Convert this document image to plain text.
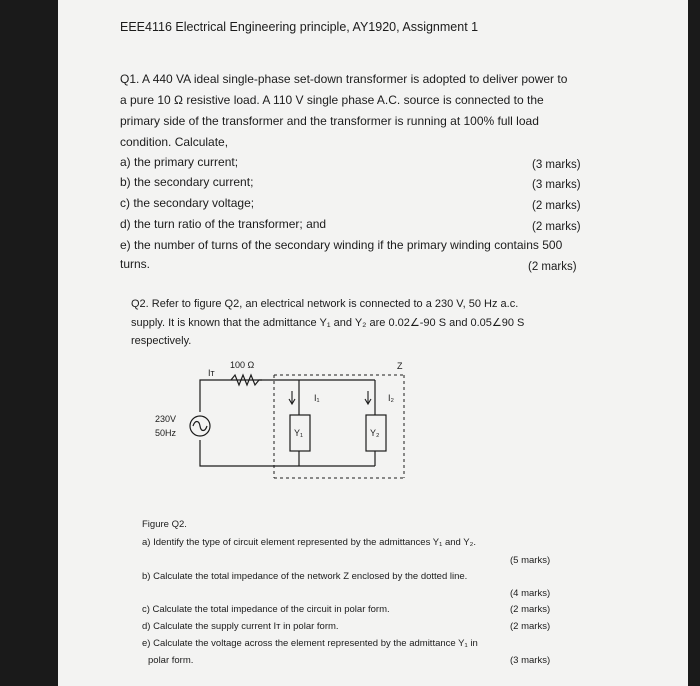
EEE4116 Electrical Engineering principle, AY1920, Assignment 1
Q1. A 440 VA ideal single-phase set-down transformer is adopted to deliver power to
a pure 10 Ω resistive load. A 110 V single phase A.C. source is connected to the
primary side of the transformer and the transformer is running at 100% full load
condition. Calculate,
a) the primary current;	(3 marks)
b) the secondary current;	(3 marks)
c) the secondary voltage;	(2 marks)
d) the turn ratio of the transformer; and	(2 marks)
e) the number of turns of the secondary winding if the primary winding contains 500
turns.	(2 marks)
Q2. Refer to figure Q2, an electrical network is connected to a 230 V, 50 Hz a.c.
supply. It is known that the admittance Y₁ and Y₂ are 0.02∠-90 S and 0.05∠90 S
respectively.
100 Ω
Iᴛ
Z
I₁	I₂
230V
50Hz	Y₁	Y₂
Figure Q2.
a) Identify the type of circuit element represented by the admittances Y₁ and Y₂.
(5 marks)
b) Calculate the total impedance of the network Z enclosed by the dotted line.
(4 marks)
c) Calculate the total impedance of the circuit in polar form.	(2 marks)
d) Calculate the supply current Iᴛ in polar form.	(2 marks)
e) Calculate the voltage across the element represented by the admittance Y₁ in
polar form.	(3 marks)
